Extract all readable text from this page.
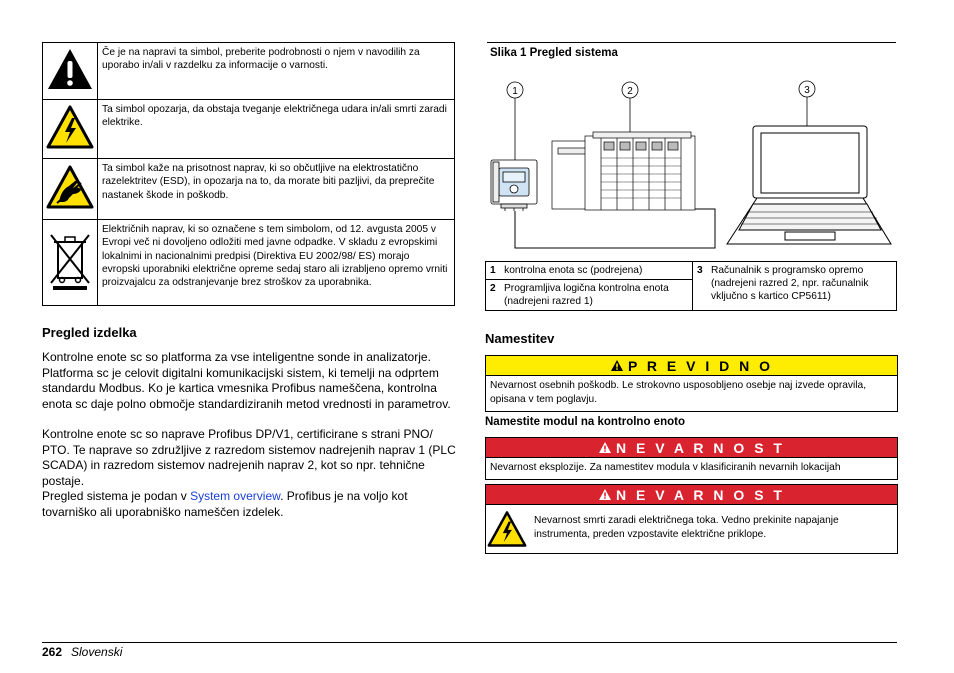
	Če je na napravi ta simbol, preberite podrobnosti o njem v navodilih za uporabo in/ali v razdelku za informacije o varnosti.
	Ta simbol opozarja, da obstaja tveganje električnega udara in/ali smrti zaradi elektrike.
	Ta simbol kaže na prisotnost naprav, ki so občutljive na elektrostatično razelektritev (ESD), in opozarja na to, da morate biti pazljivi, da preprečite nastanek škode in poškodb.
	Električnih naprav, ki so označene s tem simbolom, od 12. avgusta 2005 v Evropi več ni dovoljeno odložiti med javne odpadke. V skladu z evropskimi lokalnimi in nacionalnimi predpisi (Direktiva EU 2002/98/ ES) morajo evropski uporabniki električne opreme sedaj staro ali izrabljeno opremo vrniti proizvajalcu za odstranjevanje brez stroškov za uporabnika.
Pregled izdelka

Kontrolne enote sc so platforma za vse inteligentne sonde in analizatorje. Platforma sc je celovit digitalni komunikacijski sistem, ki temelji na odprtem standardu Modbus. Ko je kartica vmesnika Profibus nameščena, kontrolna enota sc daje polno območje standardiziranih metod vrednosti in parametrov.

Kontrolne enote sc so naprave Profibus DP/V1, certificirane s strani PNO/ PTO. Te naprave so združljive z razredom sistemov nadrejenih naprav 1 (PLC SCADA) in razredom sistemov nadrejenih naprav 2, kot so npr. tehnične postaje.

Pregled sistema je podan v System overview. Profibus je na voljo kot tovarniško ali uporabniško nameščen izdelek.

Slika 1 Pregled sistema
1	2	3
1 kontrolna enota sc (podrejena)	3 Računalnik s programsko opremo (nadrejeni razred 2, npr. računalnik vključno s kartico CP5611)

2 Programljiva logična kontrolna enota (nadrejeni razred 1)
Namestitev
P R E V I D N O
Nevarnost osebnih poškodb. Le strokovno usposobljeno osebje naj izvede opravila, opisana v tem poglavju.
Namestite modul na kontrolno enoto
N E V A R N O S T
Nevarnost eksplozije. Za namestitev modula v klasificiranih nevarnih lokacijah
N E V A R N O S T
Nevarnost smrti zaradi električnega toka. Vedno prekinite napajanje instrumenta, preden vzpostavite električne priklope.
262 Slovenski
